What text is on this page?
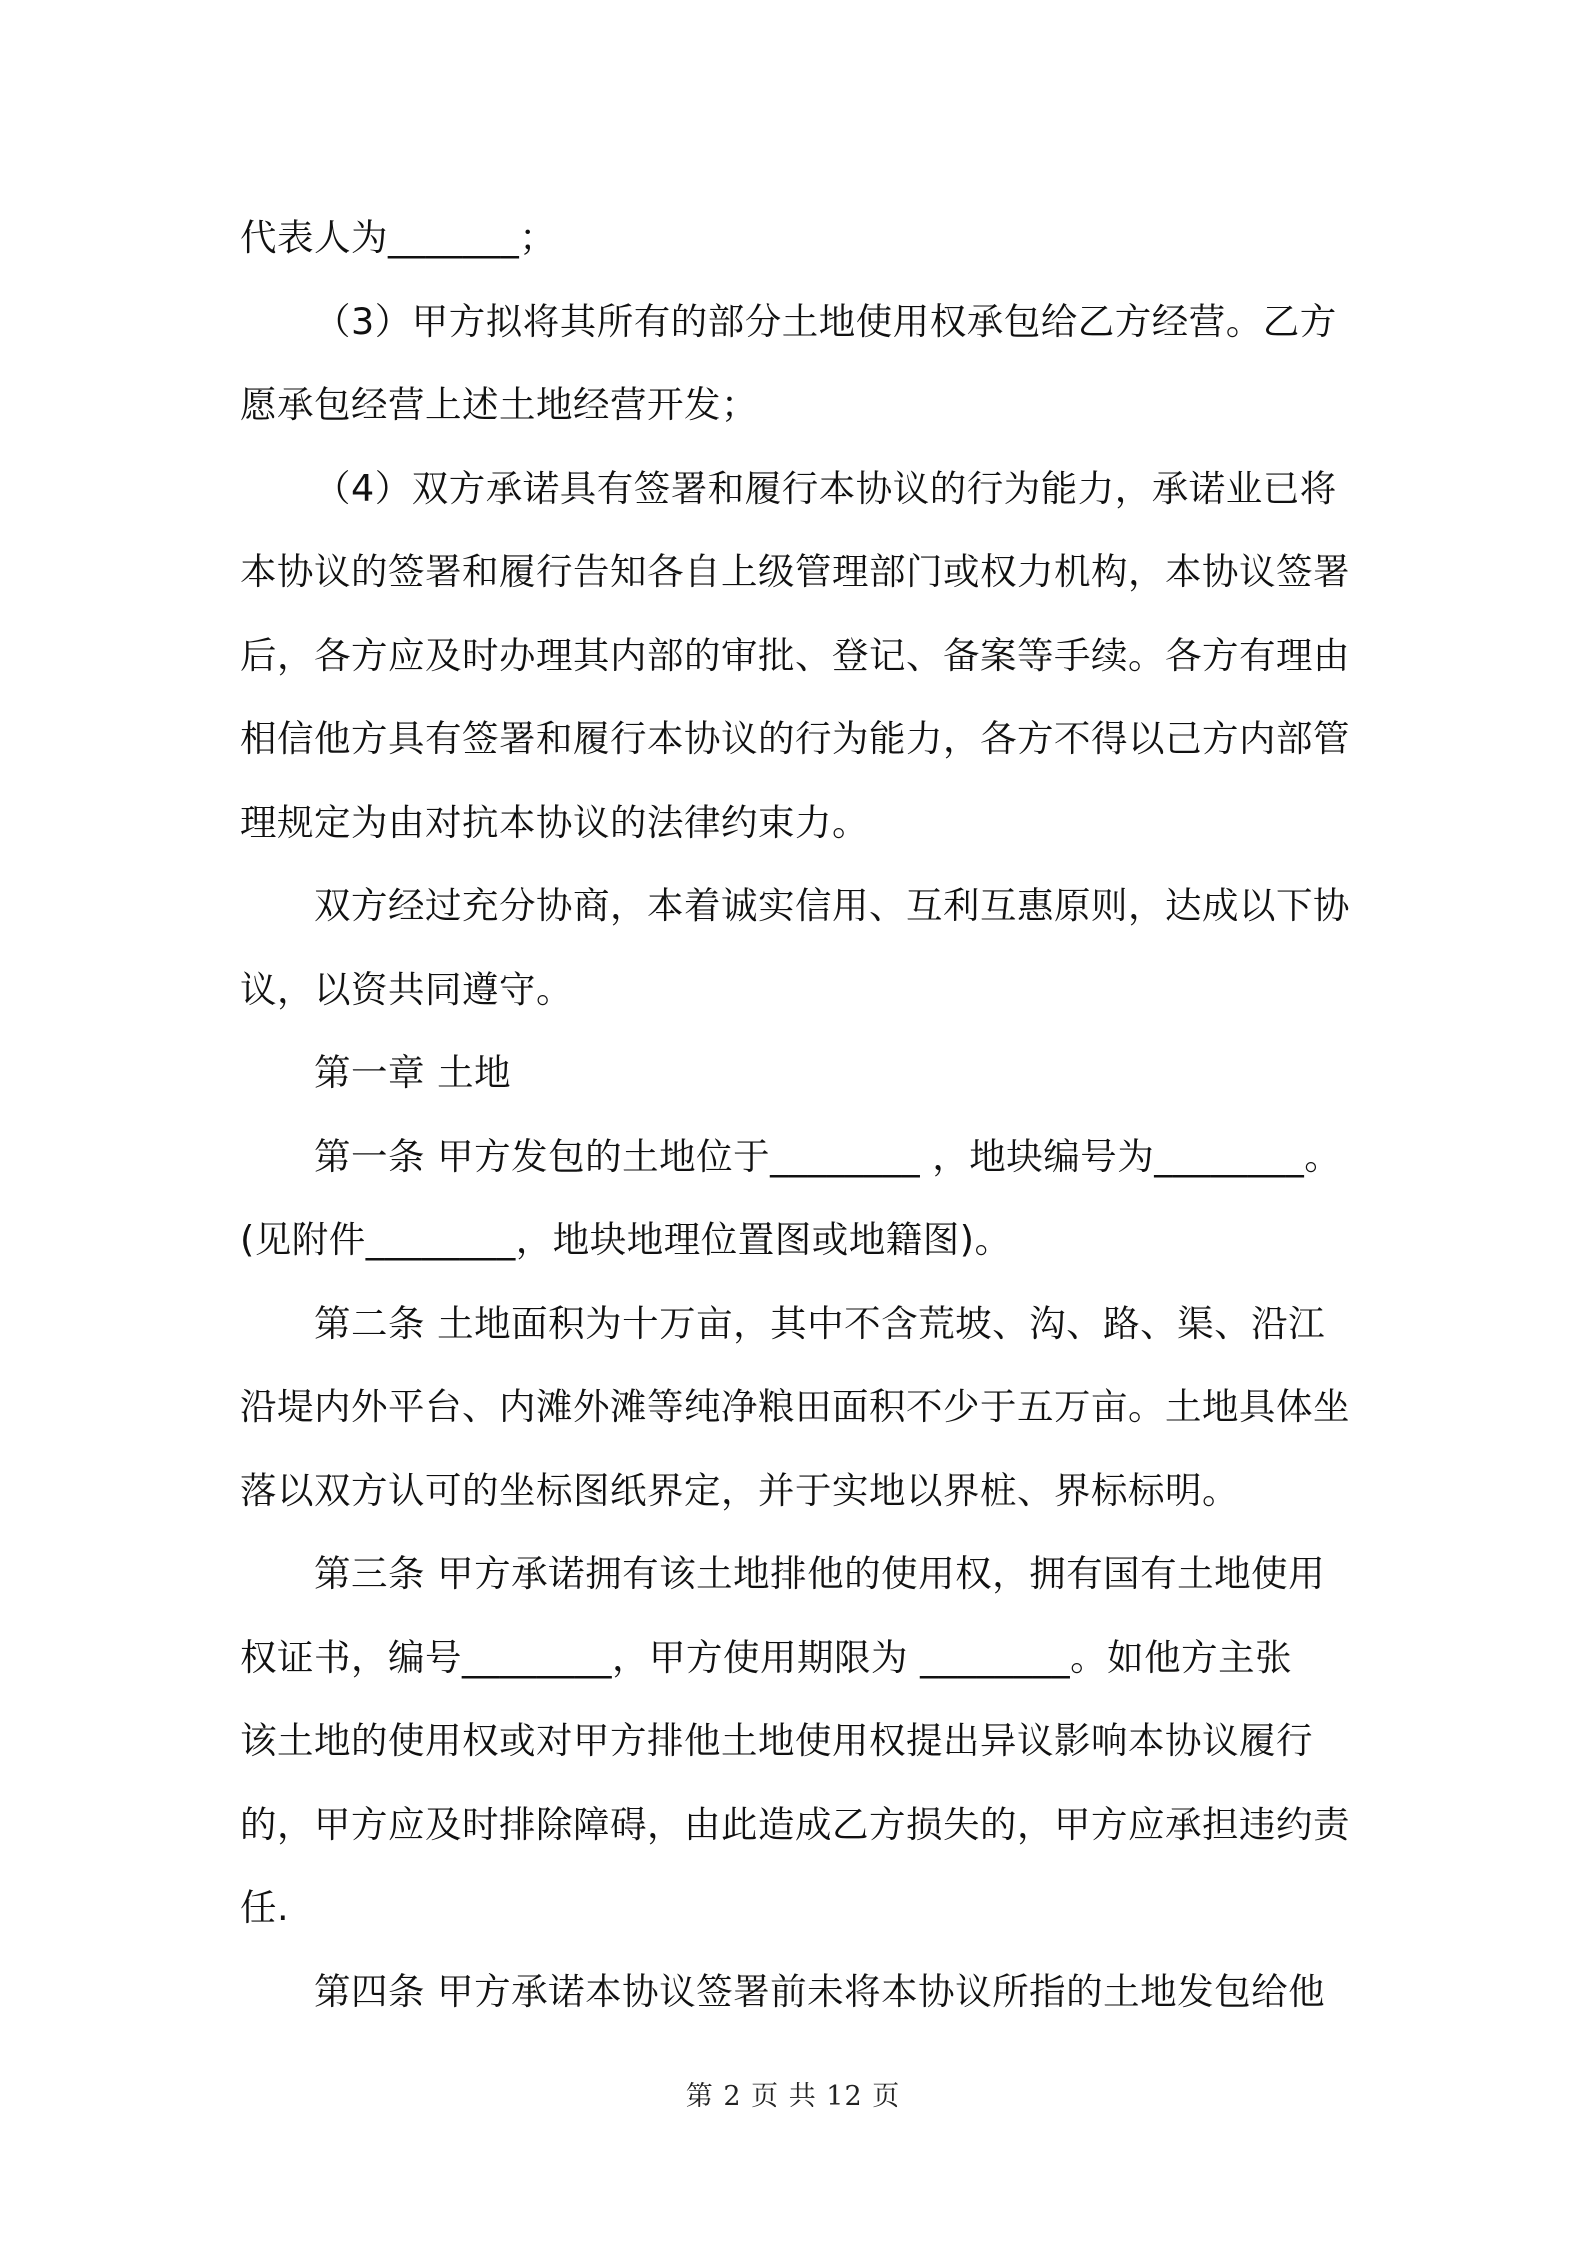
代表人为_______；
（3）甲方拟将其所有的部分土地使用权承包给乙方经营。乙方
愿承包经营上述土地经营开发；
（4）双方承诺具有签署和履行本协议的行为能力，承诺业已将
本协议的签署和履行告知各自上级管理部门或权力机构，本协议签署
后，各方应及时办理其内部的审批、登记、备案等手续。各方有理由
相信他方具有签署和履行本协议的行为能力，各方不得以己方内部管
理规定为由对抗本协议的法律约束力。
双方经过充分协商，本着诚实信用、互利互惠原则，达成以下协
议，以资共同遵守。
第一章 土地
第一条 甲方发包的土地位于________ ，地块编号为________。
(见附件________，地块地理位置图或地籍图)。
第二条 土地面积为十万亩，其中不含荒坡、沟、路、渠、沿江
沿堤内外平台、内滩外滩等纯净粮田面积不少于五万亩。土地具体坐
落以双方认可的坐标图纸界定，并于实地以界桩、界标标明。
第三条 甲方承诺拥有该土地排他的使用权，拥有国有土地使用
权证书，编号________，甲方使用期限为 ________。如他方主张
该土地的使用权或对甲方排他土地使用权提出异议影响本协议履行
的，甲方应及时排除障碍，由此造成乙方损失的，甲方应承担违约责
任.
第四条 甲方承诺本协议签署前未将本协议所指的土地发包给他
第 2 页 共 12 页
